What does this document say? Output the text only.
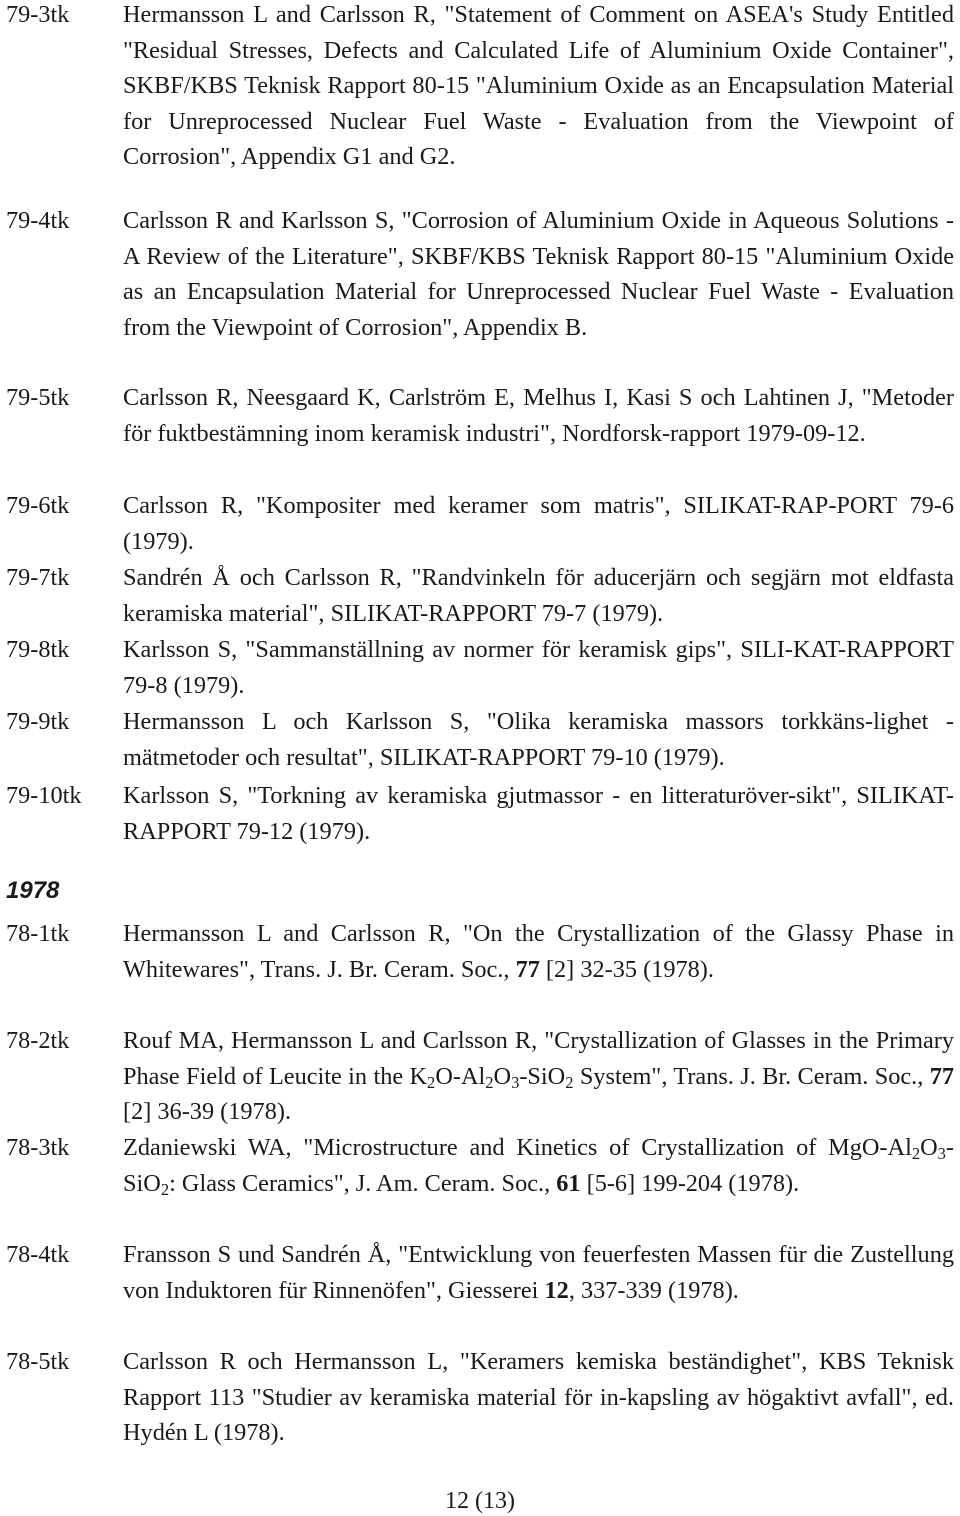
79-3tk	Hermansson L and Carlsson R, "Statement of Comment on ASEA's Study Entitled "Residual Stresses, Defects and Calculated Life of Aluminium Oxide Container", SKBF/KBS Teknisk Rapport 80-15 "Aluminium Oxide as an Encapsulation Material for Unreprocessed Nuclear Fuel Waste - Evaluation from the Viewpoint of Corrosion", Appendix G1 and G2.
79-4tk	Carlsson R and Karlsson S, "Corrosion of Aluminium Oxide in Aqueous Solutions - A Review of the Literature", SKBF/KBS Teknisk Rapport 80-15 "Aluminium Oxide as an Encapsulation Material for Unreprocessed Nuclear Fuel Waste - Evaluation from the Viewpoint of Corrosion", Appendix B.
79-5tk	Carlsson R, Neesgaard K, Carlström E, Melhus I, Kasi S och Lahtinen J, "Metoder för fuktbestämning inom keramisk industri", Nordforsk-rapport 1979-09-12.
79-6tk	Carlsson R, "Kompositer med keramer som matris", SILIKAT-RAP-PORT 79-6 (1979).
79-7tk	Sandrén Å och Carlsson R, "Randvinkeln för aducerjärn och segjärn mot eldfasta keramiska material", SILIKAT-RAPPORT 79-7 (1979).
79-8tk	Karlsson S, "Sammanställning av normer för keramisk gips", SILI-KAT-RAPPORT 79-8 (1979).
79-9tk	Hermansson L och Karlsson S, "Olika keramiska massors torkkäns-lighet -mätmetoder och resultat", SILIKAT-RAPPORT 79-10 (1979).
79-10tk	Karlsson S, "Torkning av keramiska gjutmassor - en litteraturöver-sikt", SILIKAT-RAPPORT 79-12 (1979).
1978
78-1tk	Hermansson L and Carlsson R, "On the Crystallization of the Glassy Phase in Whitewares", Trans. J. Br. Ceram. Soc., 77 [2] 32-35 (1978).
78-2tk	Rouf MA, Hermansson L and Carlsson R, "Crystallization of Glasses in the Primary Phase Field of Leucite in the $K_2O-Al_2O_3-SiO_2$ System", Trans. J. Br. Ceram. Soc., 77 [2] 36-39 (1978).
78-3tk	Zdaniewski WA, "Microstructure and Kinetics of Crystallization of MgO-$Al_2O_3-SiO_2$: Glass Ceramics", J. Am. Ceram. Soc., 61 [5-6] 199-204 (1978).
78-4tk	Fransson S und Sandrén Å, "Entwicklung von feuerfesten Massen für die Zustellung von Induktoren für Rinnenöfen", Giesserei 12, 337-339 (1978).
78-5tk	Carlsson R och Hermansson L, "Keramers kemiska beständighet", KBS Teknisk Rapport 113 "Studier av keramiska material för in-kapsling av högaktivt avfall", ed. Hydén L (1978).
12 (13)
